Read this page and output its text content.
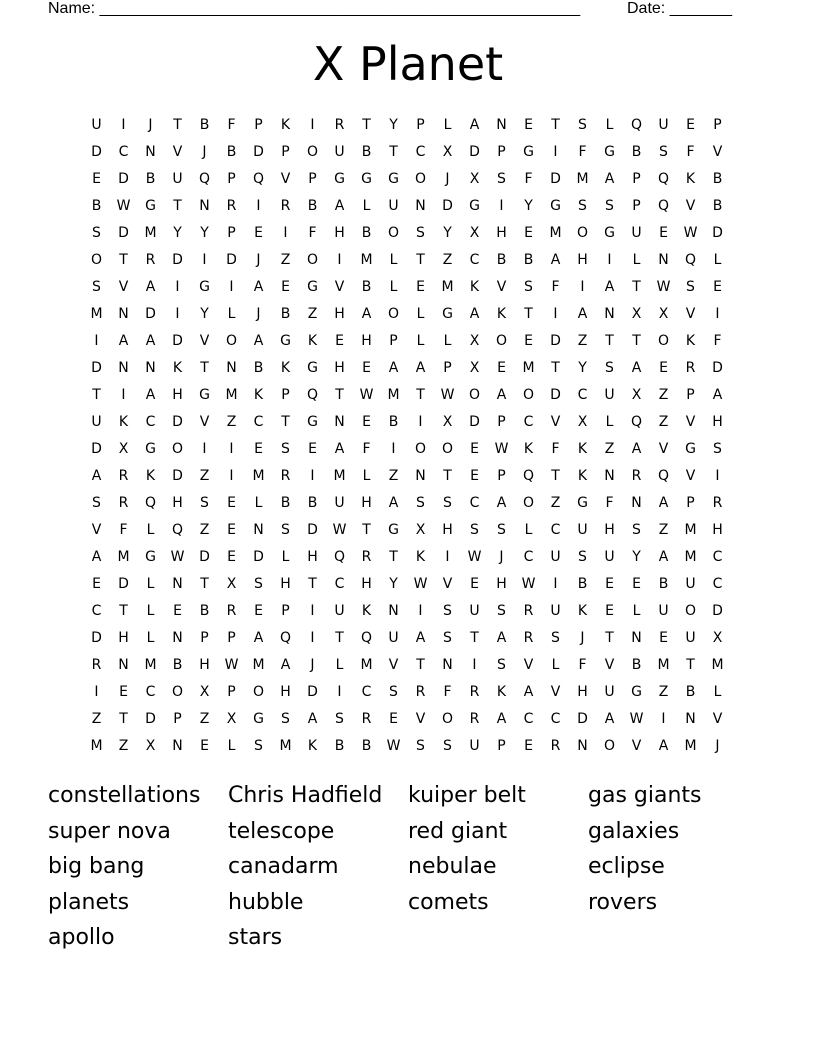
Name: ______________________________________________________	Date: _______
X Planet
U	I	J	T	B	F	P	K	I	R	T	Y	P	L	A	N	E	T	S	L	Q	U	E	P
D	C	N	V	J	B	D	P	O	U	B	T	C	X	D	P	G	I	F	G	B	S	F	V
E	D	B	U	Q	P	Q	V	P	G	G	G	O	J	X	S	F	D	M	A	P	Q	K	B
B	W	G	T	N	R	I	R	B	A	L	U	N	D	G	I	Y	G	S	S	P	Q	V	B
S	D	M	Y	Y	P	E	I	F	H	B	O	S	Y	X	H	E	M	O	G	U	E	W	D
O	T	R	D	I	D	J	Z	O	I	M	L	T	Z	C	B	B	A	H	I	L	N	Q	L
S	V	A	I	G	I	A	E	G	V	B	L	E	M	K	V	S	F	I	A	T	W	S	E
M	N	D	I	Y	L	J	B	Z	H	A	O	L	G	A	K	T	I	A	N	X	X	V	I
I	A	A	D	V	O	A	G	K	E	H	P	L	L	X	O	E	D	Z	T	T	O	K	F
D	N	N	K	T	N	B	K	G	H	E	A	A	P	X	E	M	T	Y	S	A	E	R	D
T	I	A	H	G	M	K	P	Q	T	W	M	T	W	O	A	O	D	C	U	X	Z	P	A
U	K	C	D	V	Z	C	T	G	N	E	B	I	X	D	P	C	V	X	L	Q	Z	V	H
D	X	G	O	I	I	E	S	E	A	F	I	O	O	E	W	K	F	K	Z	A	V	G	S
A	R	K	D	Z	I	M	R	I	M	L	Z	N	T	E	P	Q	T	K	N	R	Q	V	I
S	R	Q	H	S	E	L	B	B	U	H	A	S	S	C	A	O	Z	G	F	N	A	P	R
V	F	L	Q	Z	E	N	S	D	W	T	G	X	H	S	S	L	C	U	H	S	Z	M	H
A	M	G	W	D	E	D	L	H	Q	R	T	K	I	W	J	C	U	S	U	Y	A	M	C
E	D	L	N	T	X	S	H	T	C	H	Y	W	V	E	H	W	I	B	E	E	B	U	C
C	T	L	E	B	R	E	P	I	U	K	N	I	S	U	S	R	U	K	E	L	U	O	D
D	H	L	N	P	P	A	Q	I	T	Q	U	A	S	T	A	R	S	J	T	N	E	U	X
R	N	M	B	H	W	M	A	J	L	M	V	T	N	I	S	V	L	F	V	B	M	T	M
I	E	C	O	X	P	O	H	D	I	C	S	R	F	R	K	A	V	H	U	G	Z	B	L
Z	T	D	P	Z	X	G	S	A	S	R	E	V	O	R	A	C	C	D	A	W	I	N	V
M	Z	X	N	E	L	S	M	K	B	B	W	S	S	U	P	E	R	N	O	V	A	M	J
constellations	Chris Hadfield	kuiper belt	gas giants
super nova	telescope	red giant	galaxies
big bang	canadarm	nebulae	eclipse
planets	hubble	comets	rovers
apollo	stars
